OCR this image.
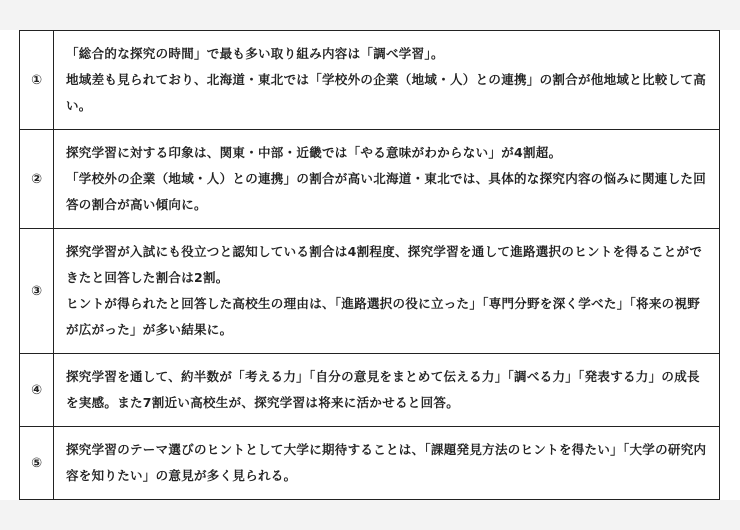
①	「総合的な探究の時間」で最も多い取り組み内容は「調べ学習」。

地域差も見られており、北海道・東北では「学校外の企業（地域・人）との連携」の割合が他地域と比較して高い。

②	探究学習に対する印象は、関東・中部・近畿では「やる意味がわからない」が4割超。

「学校外の企業（地域・人）との連携」の割合が高い北海道・東北では、具体的な探究内容の悩みに関連した回答の割合が高い傾向に。

③	探究学習が入試にも役立つと認知している割合は4割程度、探究学習を通して進路選択のヒントを得ることができたと回答した割合は2割。

ヒントが得られたと回答した高校生の理由は、「進路選択の役に立った」「専門分野を深く学べた」「将来の視野が広がった」が多い結果に。

④	探究学習を通して、約半数が「考える力」「自分の意見をまとめて伝える力」「調べる力」「発表する力」の成長を実感。また7割近い高校生が、探究学習は将来に活かせると回答。

⑤	探究学習のテーマ選びのヒントとして大学に期待することは、「課題発見方法のヒントを得たい」「大学の研究内容を知りたい」の意見が多く見られる。
